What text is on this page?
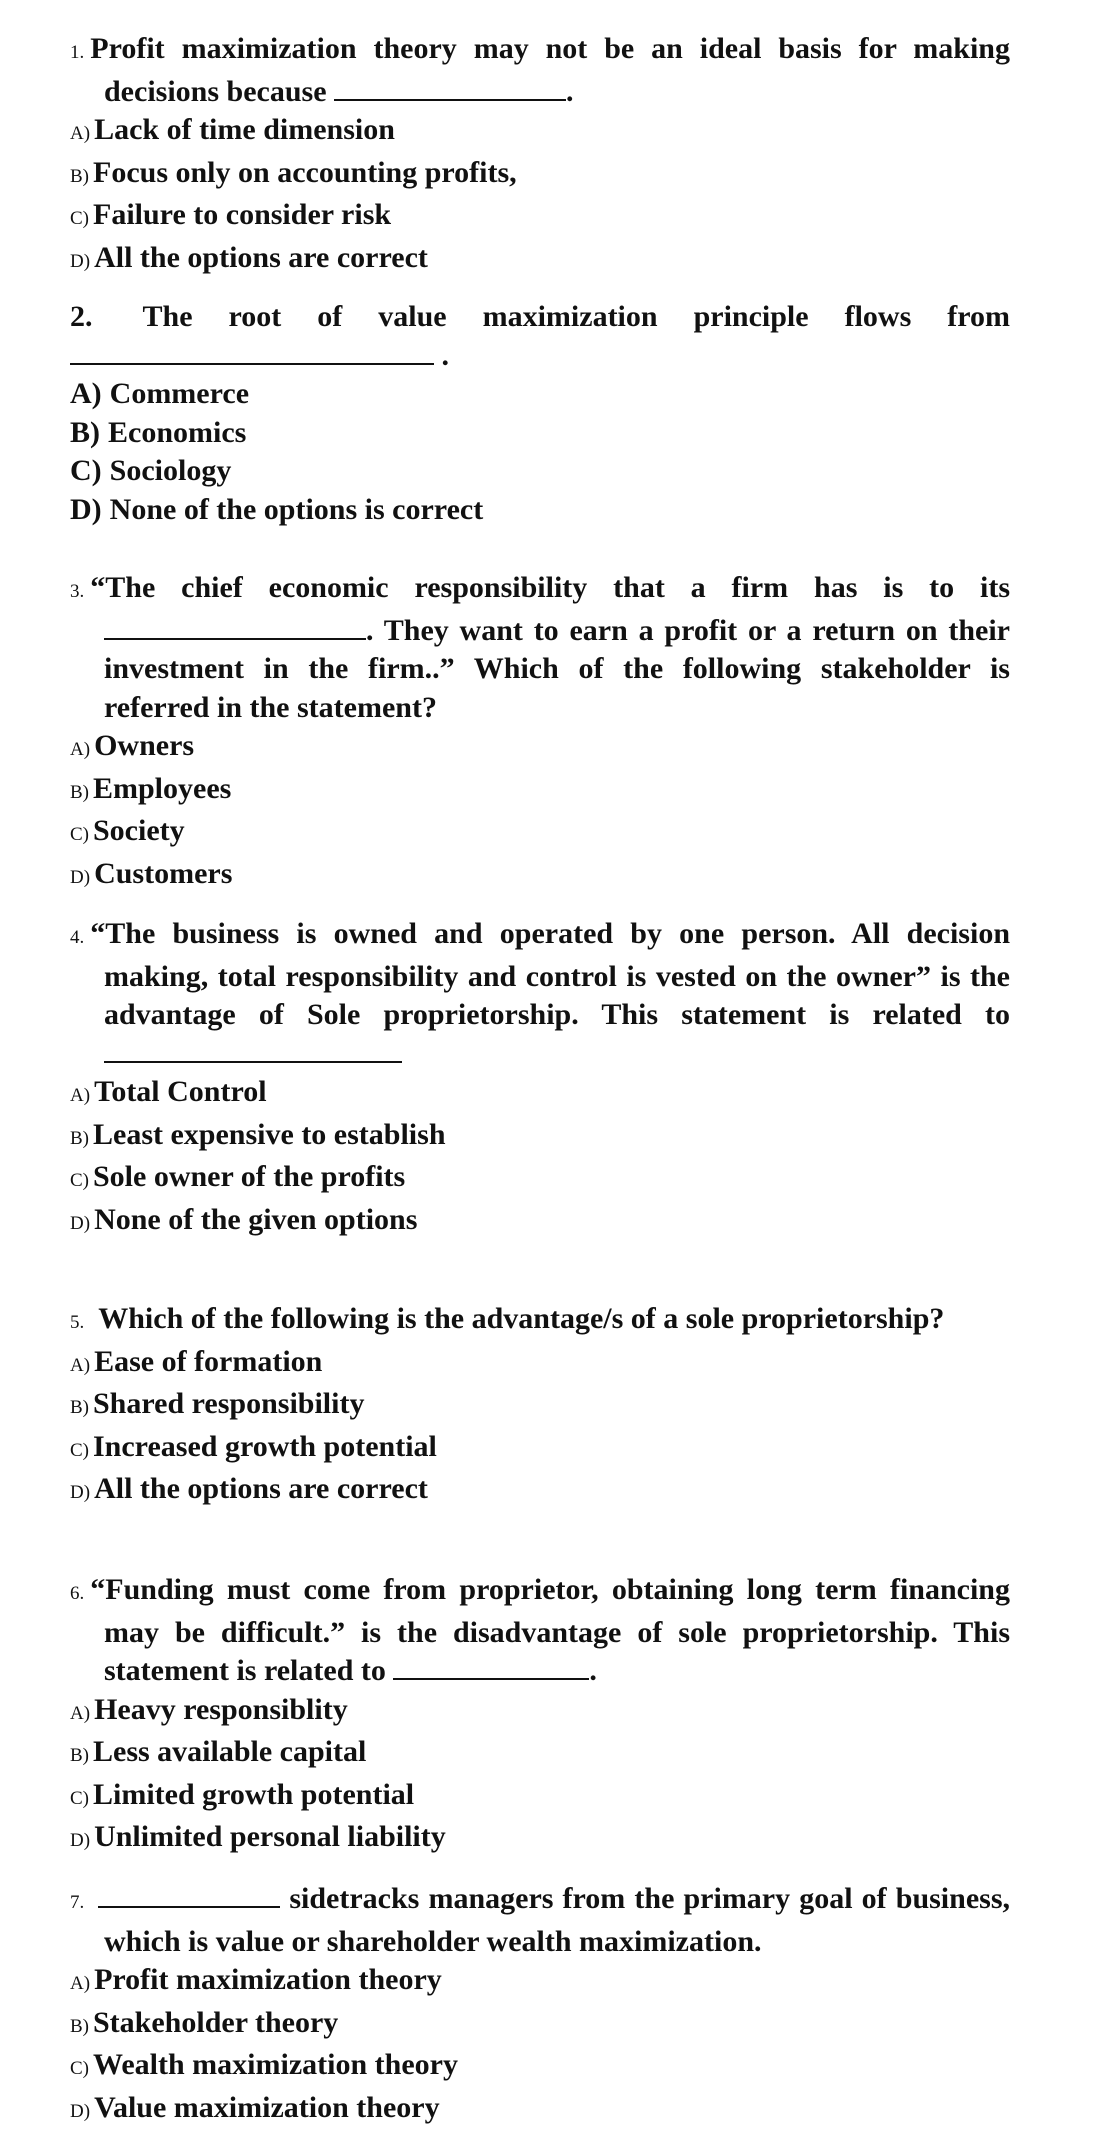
1. Profit maximization theory may not be an ideal basis for making decisions because	.
A) Lack of time dimension
B) Focus only on accounting profits,
C) Failure to consider risk
D) All the options are correct
2. The root of value maximization principle flows from
.
A) Commerce
B) Economics
C) Sociology
D) None of the options is correct
3. “The chief economic responsibility that a firm has is to its . They want to earn a profit or a return on their investment in the firm..” Which of the following stakeholder is referred in the statement?
A) Owners
B) Employees
C) Society
D) Customers
4. “The business is owned and operated by one person. All decision making, total responsibility and control is vested on the owner” is the advantage of Sole proprietorship. This statement is related to
A) Total Control
B) Least expensive to establish
C) Sole owner of the profits
D) None of the given options
5. Which of the following is the advantage/s of a sole proprietorship?
A) Ease of formation
B) Shared responsibility
C) Increased growth potential
D) All the options are correct
6. “Funding must come from proprietor, obtaining long term financing may be difficult.” is the disadvantage of sole proprietorship. This statement is related to	.
A) Heavy responsiblity
B) Less available capital
C) Limited growth potential
D) Unlimited personal liability
7.	sidetracks managers from the primary goal of business, which is value or shareholder wealth maximization.
A) Profit maximization theory
B) Stakeholder theory
C) Wealth maximization theory
D) Value maximization theory
